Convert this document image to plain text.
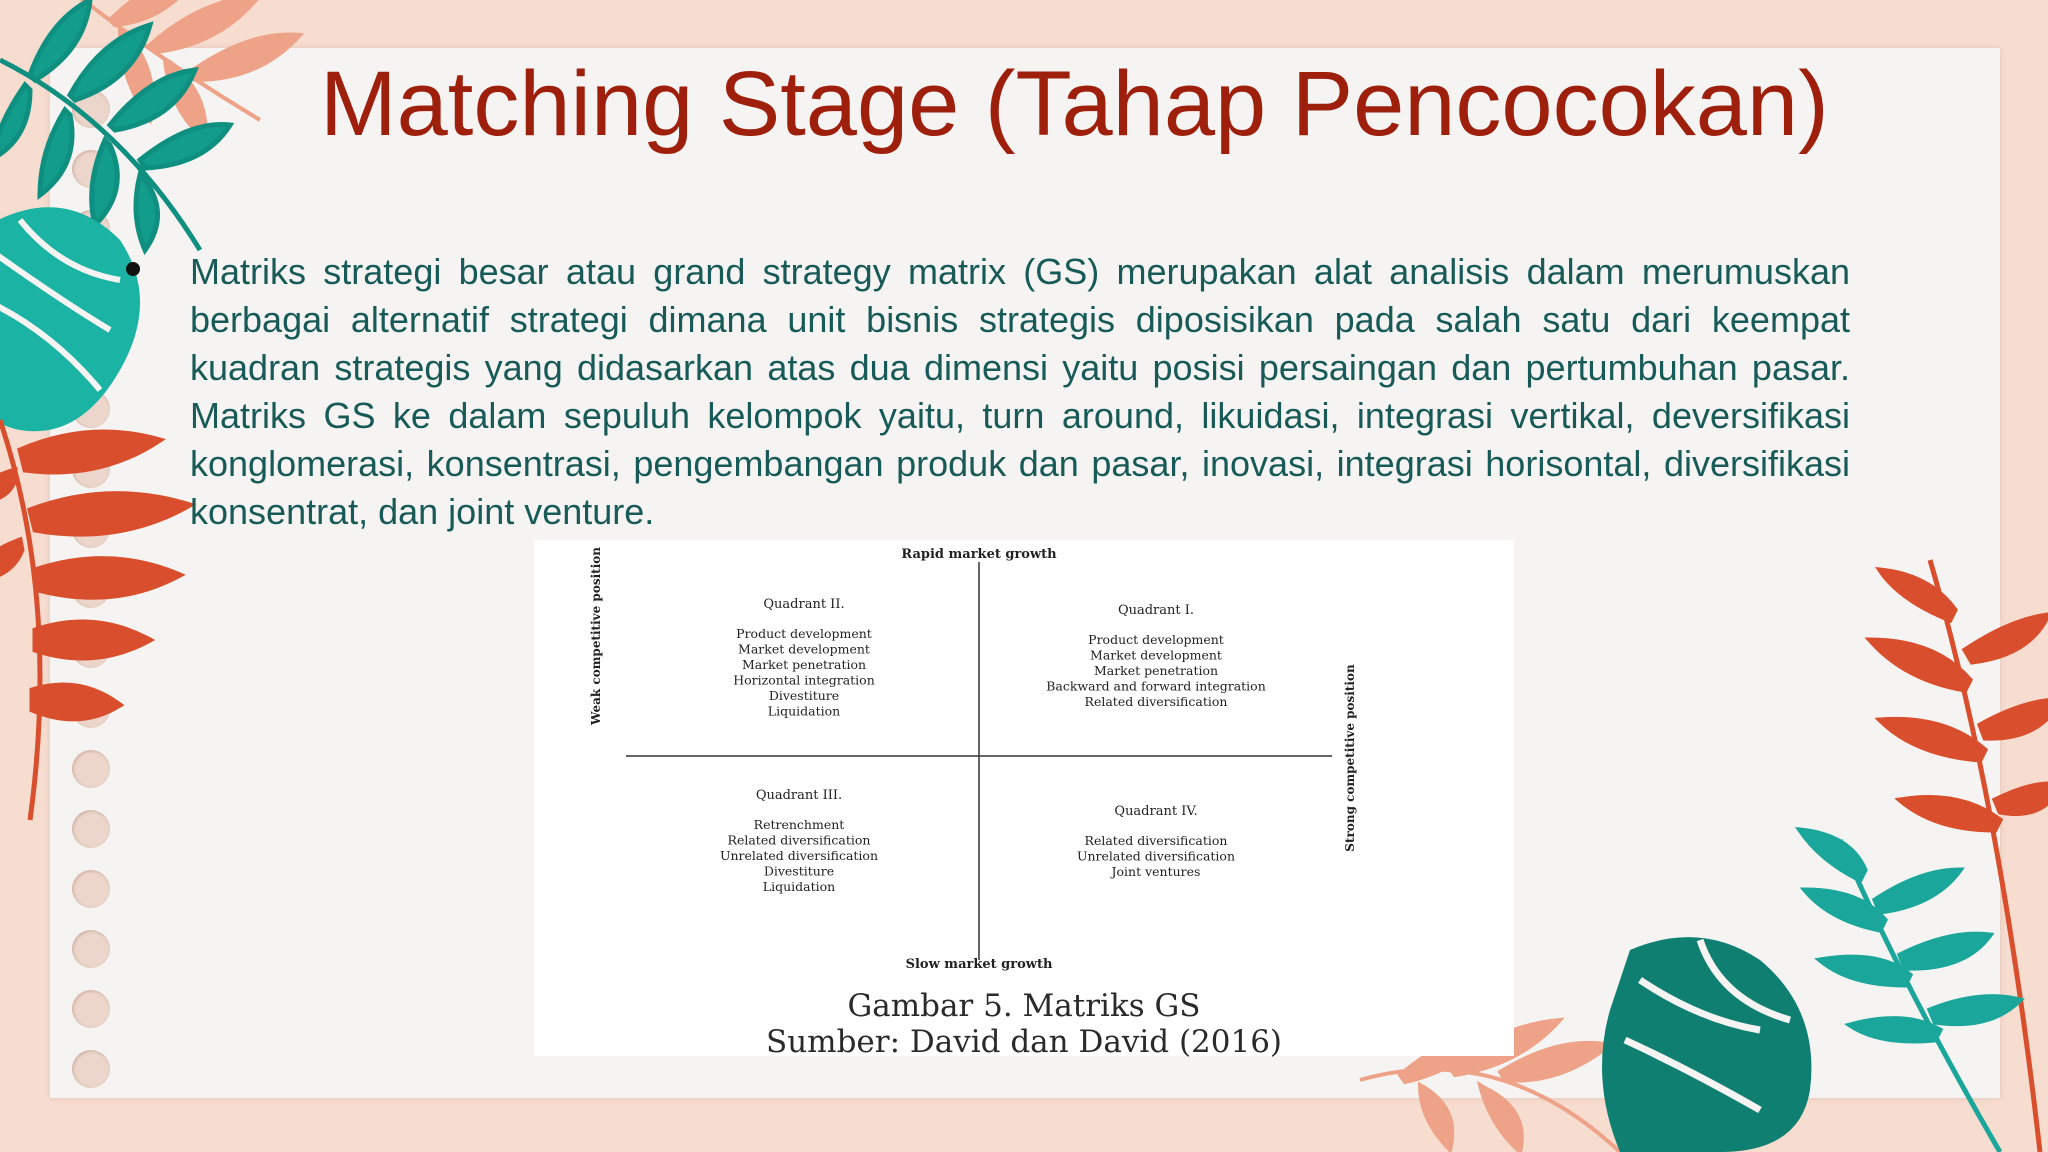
Matching Stage (Tahap Pencocokan)

Matriks strategi besar atau grand strategy matrix (GS) merupakan alat analisis dalam merumuskan berbagai alternatif strategi dimana unit bisnis strategis diposisikan pada salah satu dari keempat kuadran strategis yang didasarkan atas dua dimensi yaitu posisi persaingan dan pertumbuhan pasar. Matriks GS ke dalam sepuluh kelompok yaitu, turn around, likuidasi, integrasi vertikal, deversifikasi konglomerasi, konsentrasi, pengembangan produk dan pasar, inovasi, integrasi horisontal, diversifikasi konsentrat, dan joint venture.

Rapid market growth
Slow market growth
Weak competitive position
Strong competitive position
Quadrant II.
Product development
Market development
Market penetration
Horizontal integration
Divestiture
Liquidation
Quadrant I.
Product development
Market development
Market penetration
Backward and forward integration
Related diversification
Quadrant III.
Retrenchment
Related diversification
Unrelated diversification
Divestiture
Liquidation
Quadrant IV.
Related diversification
Unrelated diversification
Joint ventures
Gambar 5. Matriks GS
Sumber: David dan David (2016)
